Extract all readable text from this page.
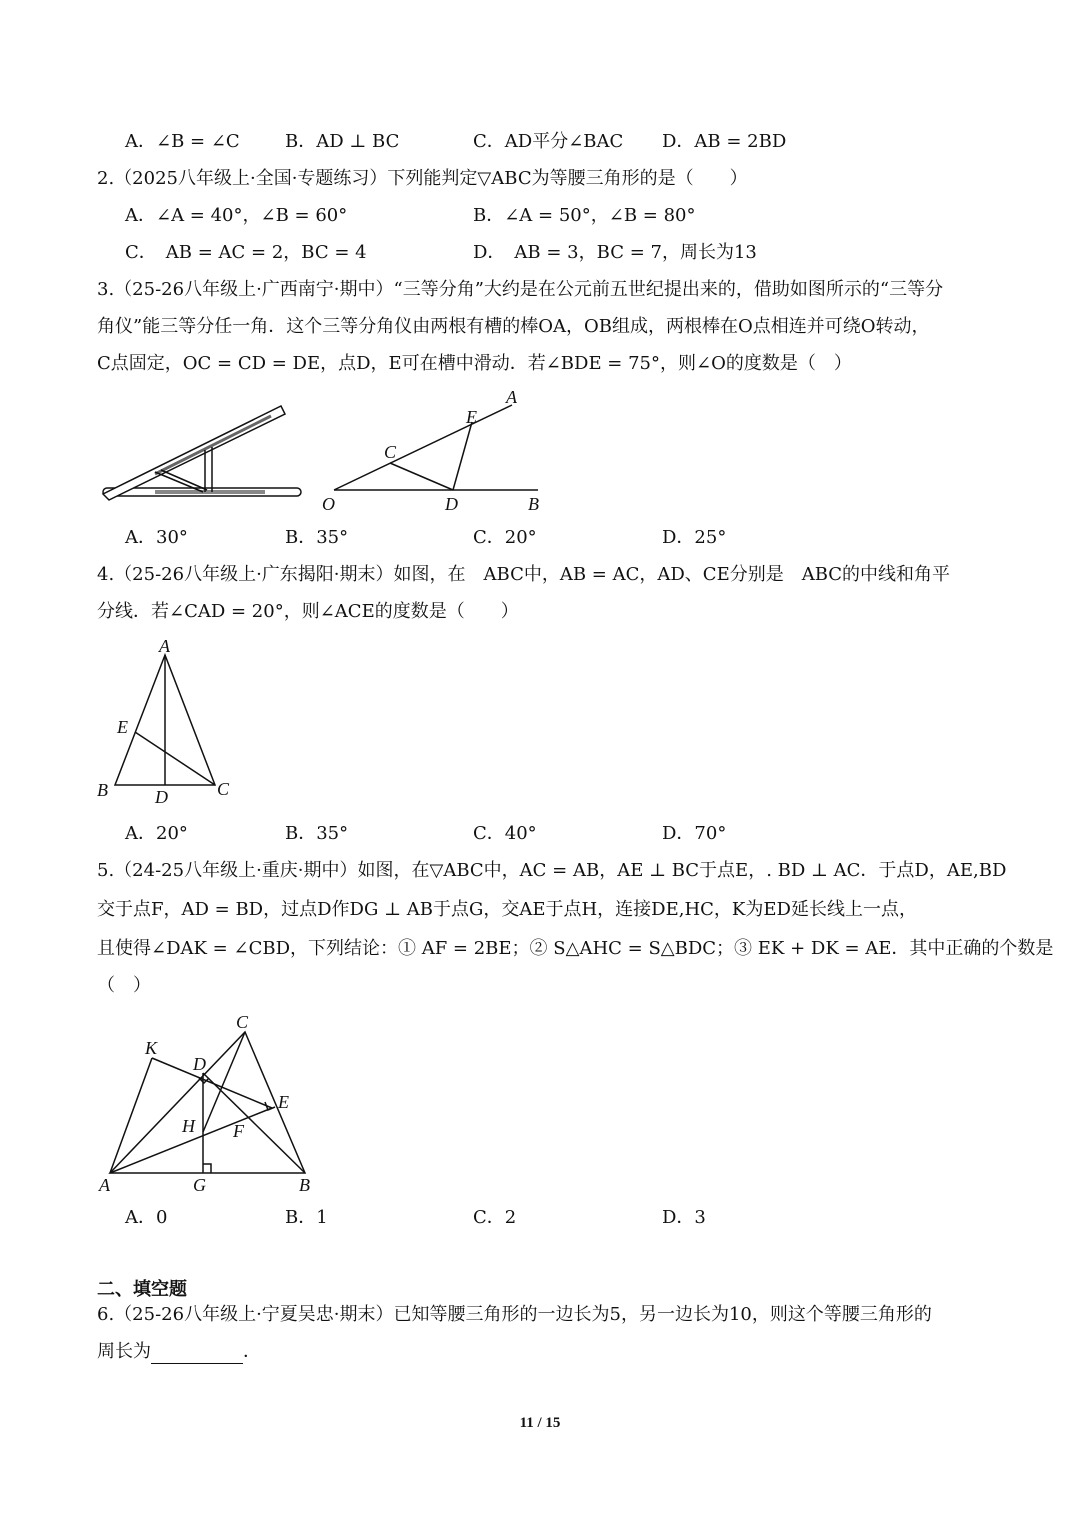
A．∠B = ∠C	B．AD ⊥ BC	C．AD平分∠BAC D．AB = 2BD
2.（2025八年级上·全国·专题练习）下列能判定▽ABC为等腰三角形的是（　　）
A．∠A = 40°，∠B = 60°	B．∠A = 50°，∠B = 80°
C．　AB = AC = 2，BC = 4	D．　AB = 3，BC = 7，周长为13
3.（25-26八年级上·广西南宁·期中）“三等分角”大约是在公元前五世纪提出来的，借助如图所示的“三等分
角仪”能三等分任一角．这个三等分角仪由两根有槽的棒OA，OB组成，两根棒在O点相连并可绕O转动，
C点固定，OC = CD = DE，点D，E可在槽中滑动．若∠BDE = 75°，则∠O的度数是（　）
O
A
B
C
D
E
A．30°	B．35°	C．20°	D．25°
4.（25-26八年级上·广东揭阳·期末）如图，在　ABC中，AB = AC，AD、CE分别是　ABC的中线和角平
分线．若∠CAD = 20°，则∠ACE的度数是（　　）
A
B	C
D
E
A．20°	B．35°	C．40°	D．70°
5.（24-25八年级上·重庆·期中）如图，在▽ABC中，AC = AB，AE ⊥ BC于点E，. BD ⊥ AC．于点D，AE,BD
交于点F，AD = BD，过点D作DG ⊥ AB于点G，交AE于点H，连接DE,HC，K为ED延长线上一点，
且使得∠DAK = ∠CBD，下列结论：① AF = 2BE；② S△AHC = S△BDC；③ EK + DK = AE．其中正确的个数是
（　）
C
K
D
E
H F
A	G	B
A．0	B．1	C．2	D．3
二、填空题
6.（25-26八年级上·宁夏吴忠·期末）已知等腰三角形的一边长为5，另一边长为10，则这个等腰三角形的
周长为	．
11 / 15
